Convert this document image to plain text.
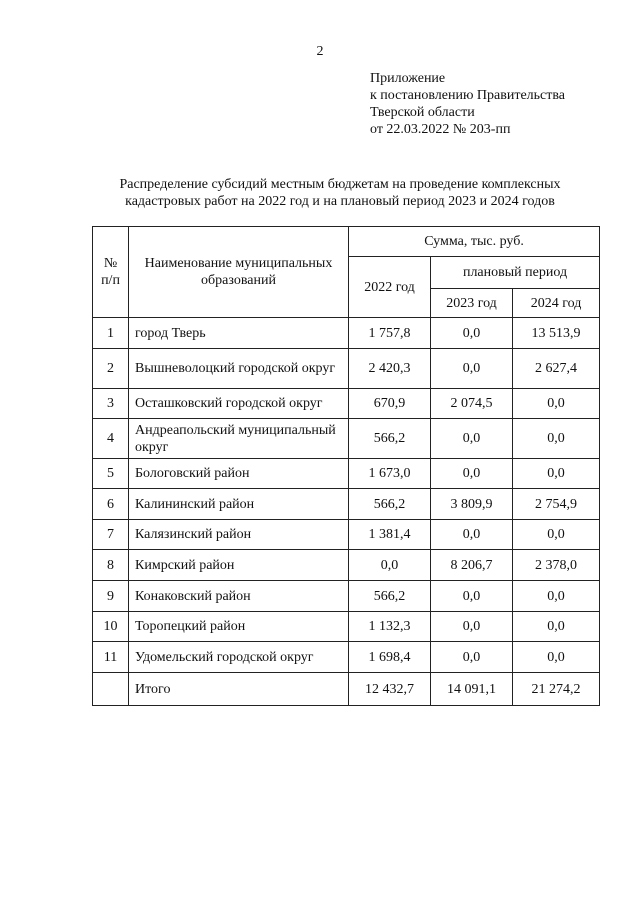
2
Приложение
к постановлению Правительства
Тверской области
от 22.03.2022 № 203-пп
Распределение субсидий местным бюджетам на проведение комплексных
кадастровых работ на 2022 год и на плановый период 2023 и 2024 годов
№ п/п	Наименование муниципальных образований	Сумма, тыс. руб.		
		2022 год	плановый период	
			2023 год	2024 год
1	город Тверь	1 757,8	0,0	13 513,9
2	Вышневолоцкий городской округ	2 420,3	0,0	2 627,4
3	Осташковский городской округ	670,9	2 074,5	0,0
4	Андреапольский муниципальный округ	566,2	0,0	0,0
5	Бологовский район	1 673,0	0,0	0,0
6	Калининский район	566,2	3 809,9	2 754,9
7	Калязинский район	1 381,4	0,0	0,0
8	Кимрский район	0,0	8 206,7	2 378,0
9	Конаковский район	566,2	0,0	0,0
10	Торопецкий район	1 132,3	0,0	0,0
11	Удомельский городской округ	1 698,4	0,0	0,0
	Итого	12 432,7	14 091,1	21 274,2
